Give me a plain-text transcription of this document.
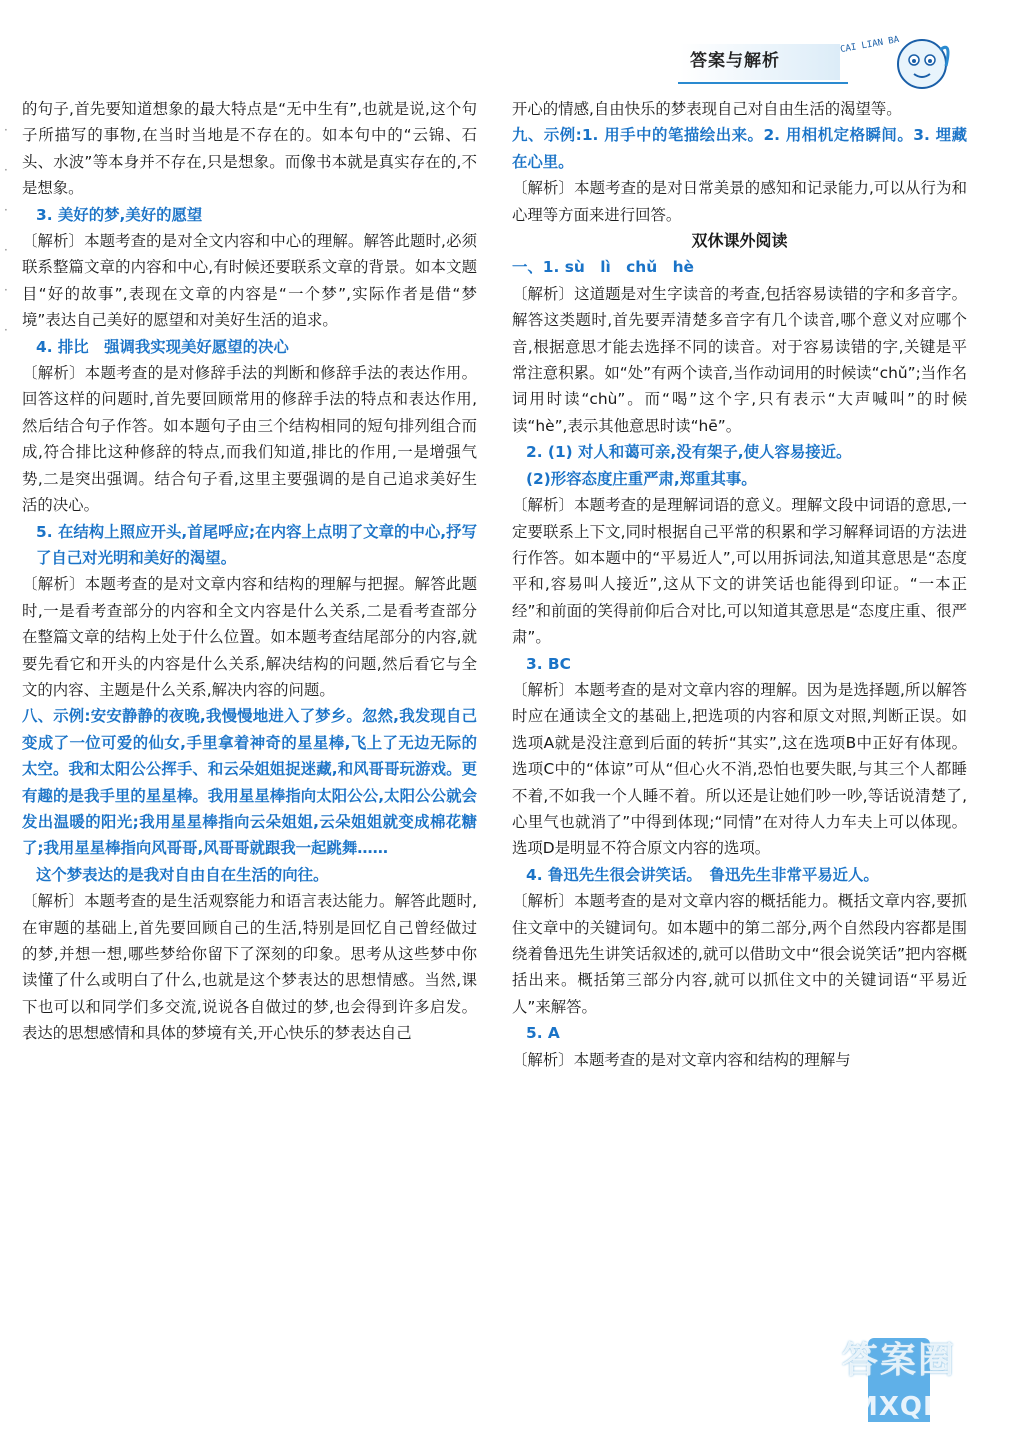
答案与解析
CAI LIAN BA
·
·
·
·
·
·

的句子,首先要知道想象的最大特点是“无中生有”,也就是说,这个句子所描写的事物,在当时当地是不存在的。如本句中的“云锦、石头、水波”等本身并不存在,只是想象。而像书本就是真实存在的,不是想象。

3. 美好的梦,美好的愿望

〔解析〕本题考查的是对全文内容和中心的理解。解答此题时,必须联系整篇文章的内容和中心,有时候还要联系文章的背景。如本文题目“好的故事”,表现在文章的内容是“一个梦”,实际作者是借“梦境”表达自己美好的愿望和对美好生活的追求。

4. 排比　强调我实现美好愿望的决心

〔解析〕本题考查的是对修辞手法的判断和修辞手法的表达作用。回答这样的问题时,首先要回顾常用的修辞手法的特点和表达作用,然后结合句子作答。如本题句子由三个结构相同的短句排列组合而成,符合排比这种修辞的特点,而我们知道,排比的作用,一是增强气势,二是突出强调。结合句子看,这里主要强调的是自己追求美好生活的决心。

5. 在结构上照应开头,首尾呼应;在内容上点明了文章的中心,抒写了自己对光明和美好的渴望。

〔解析〕本题考查的是对文章内容和结构的理解与把握。解答此题时,一是看考查部分的内容和全文内容是什么关系,二是看考查部分在整篇文章的结构上处于什么位置。如本题考查结尾部分的内容,就要先看它和开头的内容是什么关系,解决结构的问题,然后看它与全文的内容、主题是什么关系,解决内容的问题。

八、示例:安安静静的夜晚,我慢慢地进入了梦乡。忽然,我发现自己变成了一位可爱的仙女,手里拿着神奇的星星棒,飞上了无边无际的太空。我和太阳公公挥手、和云朵姐姐捉迷藏,和风哥哥玩游戏。更有趣的是我手里的星星棒。我用星星棒指向太阳公公,太阳公公就会发出温暖的阳光;我用星星棒指向云朵姐姐,云朵姐姐就变成棉花糖了;我用星星棒指向风哥哥,风哥哥就跟我一起跳舞……

这个梦表达的是我对自由自在生活的向往。

〔解析〕本题考查的是生活观察能力和语言表达能力。解答此题时,在审题的基础上,首先要回顾自己的生活,特别是回忆自己曾经做过的梦,并想一想,哪些梦给你留下了深刻的印象。思考从这些梦中你读懂了什么或明白了什么,也就是这个梦表达的思想情感。当然,课下也可以和同学们多交流,说说各自做过的梦,也会得到许多启发。表达的思想感情和具体的梦境有关,开心快乐的梦表达自己

开心的情感,自由快乐的梦表现自己对自由生活的渴望等。

九、示例:1. 用手中的笔描绘出来。2. 用相机定格瞬间。3. 埋藏在心里。

〔解析〕本题考查的是对日常美景的感知和记录能力,可以从行为和心理等方面来进行回答。

双休课外阅读

一、1. sù　lì　chǔ　hè

〔解析〕这道题是对生字读音的考查,包括容易读错的字和多音字。解答这类题时,首先要弄清楚多音字有几个读音,哪个意义对应哪个音,根据意思才能去选择不同的读音。对于容易读错的字,关键是平常注意积累。如“处”有两个读音,当作动词用的时候读“chǔ”;当作名词用时读“chù”。而“喝”这个字,只有表示“大声喊叫”的时候读“hè”,表示其他意思时读“hē”。

2. (1) 对人和蔼可亲,没有架子,使人容易接近。

(2)形容态度庄重严肃,郑重其事。

〔解析〕本题考查的是理解词语的意义。理解文段中词语的意思,一定要联系上下文,同时根据自己平常的积累和学习解释词语的方法进行作答。如本题中的“平易近人”,可以用拆词法,知道其意思是“态度平和,容易叫人接近”,这从下文的讲笑话也能得到印证。“一本正经”和前面的笑得前仰后合对比,可以知道其意思是“态度庄重、很严肃”。

3. BC

〔解析〕本题考查的是对文章内容的理解。因为是选择题,所以解答时应在通读全文的基础上,把选项的内容和原文对照,判断正误。如选项A就是没注意到后面的转折“其实”,这在选项B中正好有体现。选项C中的“体谅”可从“但心火不消,恐怕也要失眠,与其三个人都睡不着,不如我一个人睡不着。所以还是让她们吵一吵,等话说清楚了,心里气也就消了”中得到体现;“同情”在对待人力车夫上可以体现。选项D是明显不符合原文内容的选项。

4. 鲁迅先生很会讲笑话。　鲁迅先生非常平易近人。

〔解析〕本题考查的是对文章内容的概括能力。概括文章内容,要抓住文章中的关键词句。如本题中的第二部分,两个自然段内容都是围绕着鲁迅先生讲笑话叙述的,就可以借助文中“很会说笑话”把内容概括出来。概括第三部分内容,就可以抓住文中的关键词语“平易近人”来解答。

5. A

〔解析〕本题考查的是对文章内容和结构的理解与

答案圈
MXQE.COM
